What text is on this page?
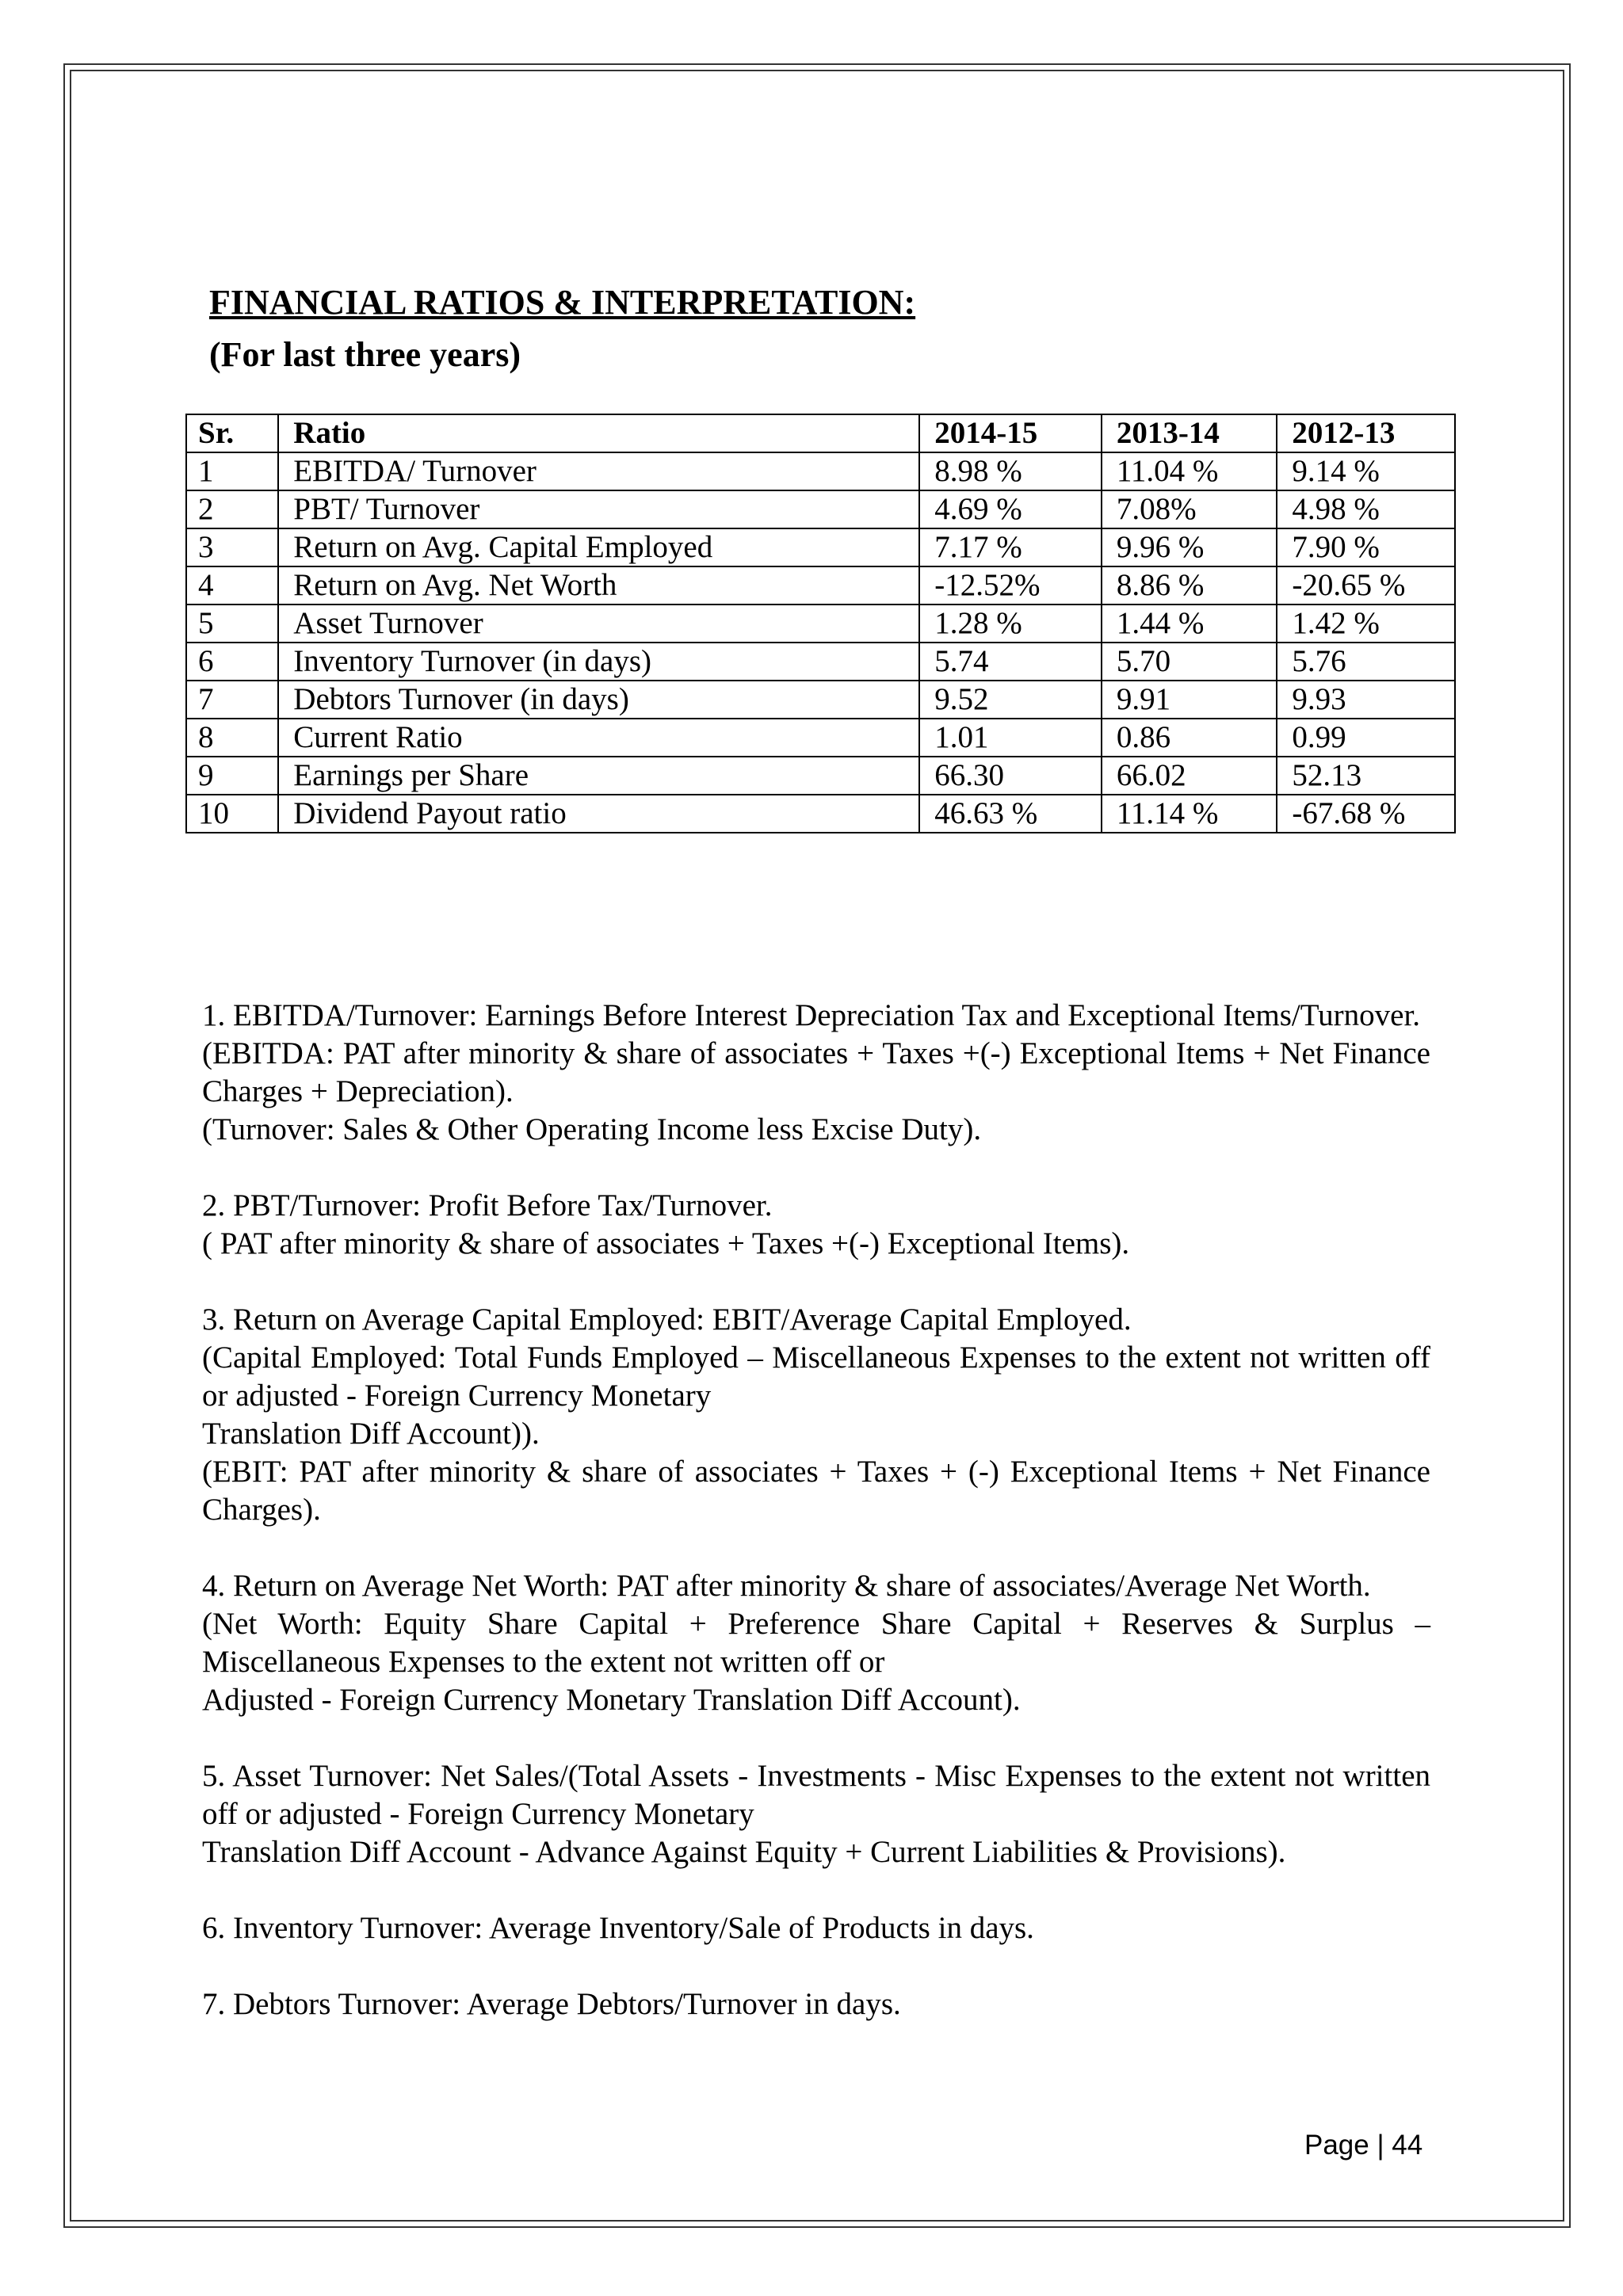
FINANCIAL RATIOS & INTERPRETATION:
(For last three years)
Sr.	Ratio	2014-15	2013-14	2012-13
1	EBITDA/ Turnover	8.98 %	11.04 %	9.14 %
2	PBT/ Turnover	4.69 %	7.08%	4.98 %
3	Return on Avg. Capital Employed	7.17 %	9.96 %	7.90 %
4	Return on Avg. Net Worth	-12.52%	8.86 %	-20.65 %
5	Asset Turnover	1.28 %	1.44 %	1.42 %
6	Inventory Turnover (in days)	5.74	5.70	5.76
7	Debtors Turnover (in days)	9.52	9.91	9.93
8	Current Ratio	1.01	0.86	0.99
9	Earnings per Share	66.30	66.02	52.13
10	Dividend Payout ratio	46.63 %	11.14 %	-67.68 %

1. EBITDA/Turnover: Earnings Before Interest Depreciation Tax and Exceptional Items/Turnover.

(EBITDA: PAT after minority & share of associates + Taxes +(-) Exceptional Items + Net Finance Charges + Depreciation).

(Turnover: Sales & Other Operating Income less Excise Duty).

2. PBT/Turnover: Profit Before Tax/Turnover.

( PAT after minority & share of associates + Taxes +(-) Exceptional Items).

3. Return on Average Capital Employed: EBIT/Average Capital Employed.

(Capital Employed: Total Funds Employed – Miscellaneous Expenses to the extent not written off or adjusted - Foreign Currency Monetary

Translation Diff Account)).

(EBIT: PAT after minority & share of associates + Taxes + (-) Exceptional Items + Net Finance Charges).

4. Return on Average Net Worth: PAT after minority & share of associates/Average Net Worth.

(Net Worth: Equity Share Capital + Preference Share Capital + Reserves & Surplus – Miscellaneous Expenses to the extent not written off or

Adjusted - Foreign Currency Monetary Translation Diff Account).

5. Asset Turnover: Net Sales/(Total Assets - Investments - Misc Expenses to the extent not written off or adjusted - Foreign Currency Monetary

Translation Diff Account - Advance Against Equity + Current Liabilities & Provisions).

6. Inventory Turnover: Average Inventory/Sale of Products in days.

7. Debtors Turnover: Average Debtors/Turnover in days.

Page | 44
